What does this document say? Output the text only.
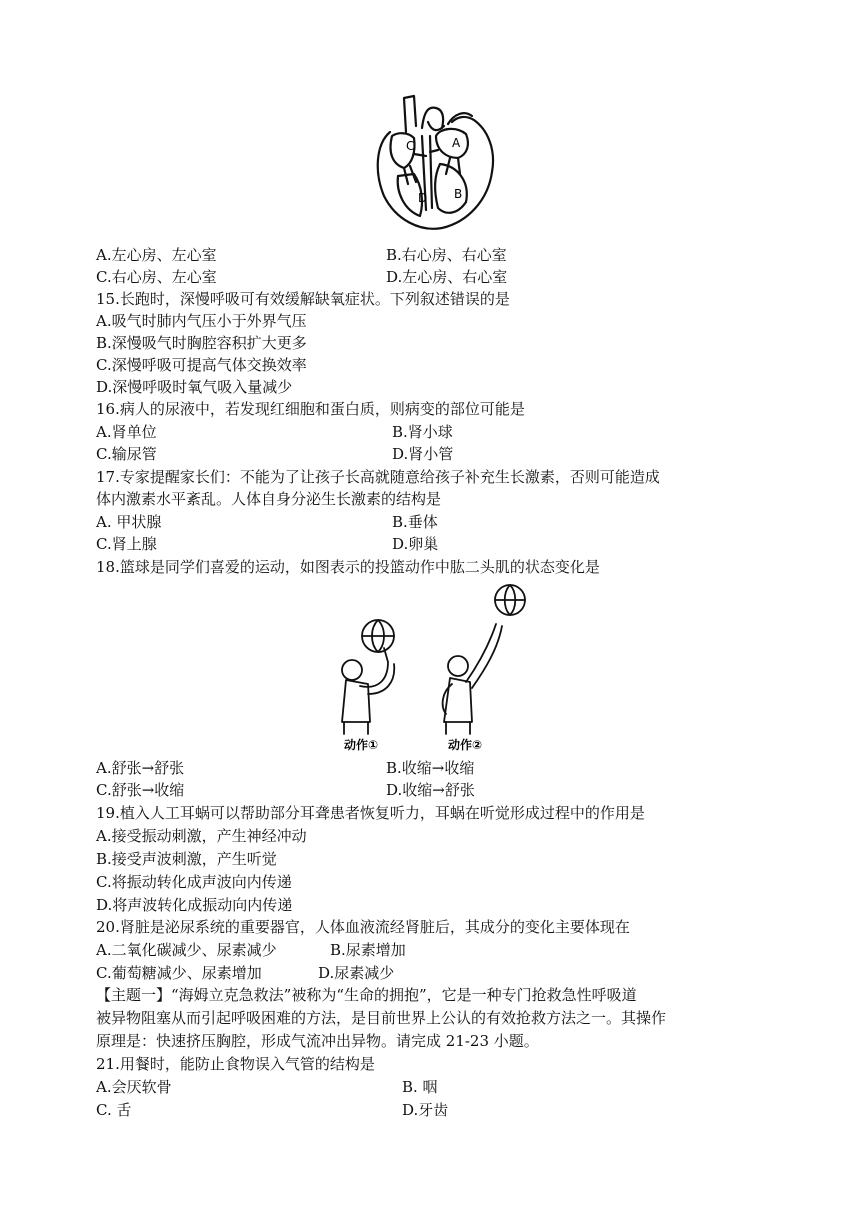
C	A
D B
A.左心房、左心室	B.右心房、右心室
C.右心房、左心室	D.左心房、右心室
15.长跑时，深慢呼吸可有效缓解缺氧症状。下列叙述错误的是
A.吸气时肺内气压小于外界气压
B.深慢吸气时胸腔容积扩大更多
C.深慢呼吸可提高气体交换效率
D.深慢呼吸时氧气吸入量减少
16.病人的尿液中，若发现红细胞和蛋白质，则病变的部位可能是
A.肾单位	B.肾小球
C.输尿管	D.肾小管
17.专家提醒家长们：不能为了让孩子长高就随意给孩子补充生长激素，否则可能造成
体内激素水平紊乱。人体自身分泌生长激素的结构是
A. 甲状腺	B.垂体
C.肾上腺	D.卵巢
18.篮球是同学们喜爱的运动，如图表示的投篮动作中肱二头肌的状态变化是
动作①	动作②
A.舒张→舒张	B.收缩→收缩
C.舒张→收缩	D.收缩→舒张
19.植入人工耳蜗可以帮助部分耳聋患者恢复听力，耳蜗在听觉形成过程中的作用是
A.接受振动刺激，产生神经冲动
B.接受声波刺激，产生听觉
C.将振动转化成声波向内传递
D.将声波转化成振动向内传递
20.肾脏是泌尿系统的重要器官，人体血液流经肾脏后，其成分的变化主要体现在
A.二氧化碳减少、尿素减少	B.尿素增加
C.葡萄糖减少、尿素增加	D.尿素减少
【主题一】“海姆立克急救法”被称为“生命的拥抱”，它是一种专门抢救急性呼吸道
被异物阻塞从而引起呼吸困难的方法，是目前世界上公认的有效抢救方法之一。其操作
原理是：快速挤压胸腔，形成气流冲出异物。请完成 21-23 小题。
21.用餐时，能防止食物误入气管的结构是
A.会厌软骨	B. 咽
C. 舌	D.牙齿
